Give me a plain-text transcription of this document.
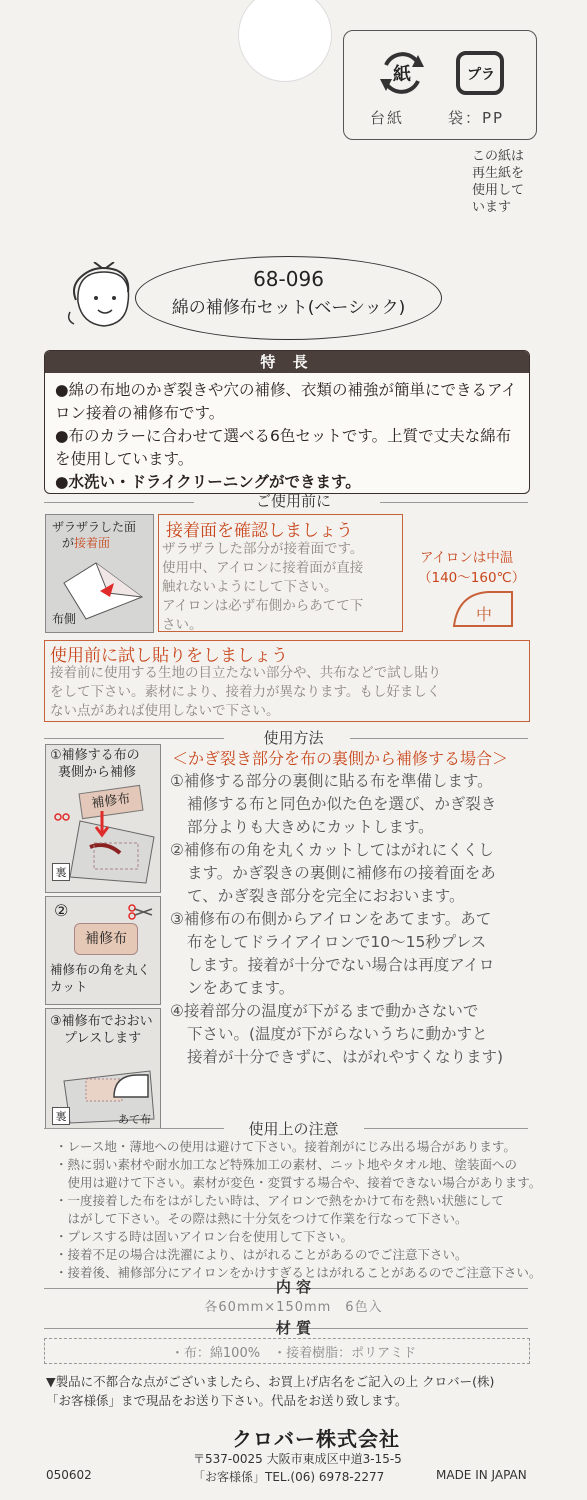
紙	プラ
台紙	袋：PP
この紙は
再生紙を
使用して
います
68-096
綿の補修布セット(ベーシック)
特 長
●綿の布地のかぎ裂きや穴の補修、衣類の補強が簡単にできるアイロン接着の補修布です。
●布のカラーに合わせて選べる6色セットです。上質で丈夫な綿布を使用しています。
●水洗い・ドライクリーニングができます。
ご使用前に
ザラザラした面
が接着面
布側
接着面を確認しましょう
ザラザラした部分が接着面です。
使用中、アイロンに接着面が直接
触れないようにして下さい。
アイロンは必ず布側からあてて下
さい。
アイロンは中温
（140～160℃）
中
使用前に試し貼りをしましょう
接着前に使用する生地の目立たない部分や、共布などで試し貼り
をして下さい。素材により、接着力が異なります。もし好ましく
ない点があれば使用しないで下さい。
使用方法
＜かぎ裂き部分を布の裏側から補修する場合＞
①補修する布の
裏側から補修
補修布
裏
②
補修布
補修布の角を丸く
カット
③補修布でおおい
プレスします
裏	あて布
①補修する部分の裏側に貼る布を準備します。
補修する布と同色か似た色を選び、かぎ裂き
部分よりも大きめにカットします。
②補修布の角を丸くカットしてはがれにくくし
ます。かぎ裂きの裏側に補修布の接着面をあ
て、かぎ裂き部分を完全におおいます。
③補修布の布側からアイロンをあてます。あて
布をしてドライアイロンで10～15秒プレス
します。接着が十分でない場合は再度アイロ
ンをあてます。
④接着部分の温度が下がるまで動かさないで
下さい。(温度が下がらないうちに動かすと
接着が十分できずに、はがれやすくなります)
使用上の注意
・レース地・薄地への使用は避けて下さい。接着剤がにじみ出る場合があります。
・熱に弱い素材や耐水加工など特殊加工の素材、ニット地やタオル地、塗装面への
　使用は避けて下さい。素材が変色・変質する場合や、接着できない場合があります。
・一度接着した布をはがしたい時は、アイロンで熱をかけて布を熱い状態にして
　はがして下さい。その際は熱に十分気をつけて作業を行なって下さい。
・プレスする時は固いアイロン台を使用して下さい。
・接着不足の場合は洗濯により、はがれることがあるのでご注意下さい。
・接着後、補修部分にアイロンをかけすぎるとはがれることがあるのでご注意下さい。
内 容
各60mm×150mm　6色入
材 質
・布：綿100%　・接着樹脂：ポリアミド
▼製品に不都合な点がございましたら、お買上げ店名をご記入の上 クロバー(株)
「お客様係」まで現品をお送り下さい。代品をお送り致します。
クロバー株式会社
〒537-0025 大阪市東成区中道3-15-5
「お客様係」TEL.(06) 6978-2277
050602	MADE IN JAPAN
